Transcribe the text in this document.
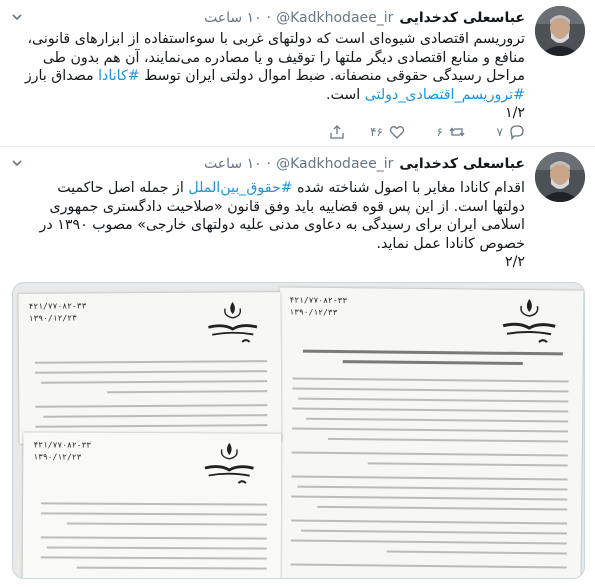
عباسعلی کدخدایی
@Kadkhodaee_ir
·
۱۰ ساعت
تروریسم اقتصادی شیوه‌ای است که دولتهای غربی با سوءاستفاده از ابزارهای قانونی، منافع و منابع اقتصادی دیگر ملتها را توقیف و یا مصادره می‌نمایند، آن هم بدون طی مراحل رسیدگی حقوقی منصفانه. ضبط اموال دولتی ایران توسط #کانادا مصداق بارز #تروریسم_اقتصادی_دولتی است.
۱/۲
۷
۶
۴۶
عباسعلی کدخدایی
@Kadkhodaee_ir
·
۱۰ ساعت
اقدام کانادا مغایر با اصول شناخته شده #حقوق_بین‌الملل از جمله اصل حاکمیت دولتها است. از این پس قوه قضاییه باید وفق قانون «صلاحیت دادگستری جمهوری اسلامی ایران برای رسیدگی به دعاوی مدنی علیه دولتهای خارجی» مصوب ۱۳۹۰ در خصوص کانادا عمل نماید.
۲/۲
۴۲۱/۷۷۰۸۲-۳۳
۱۳۹۰/۱۲/۳۳
۴۲۱/۷۷۰۸۲-۳۳
۱۳۹۰/۱۲/۲۳
۴۲۱/۷۷۰۸۲-۳۳
۱۳۹۰/۱۲/۲۳
